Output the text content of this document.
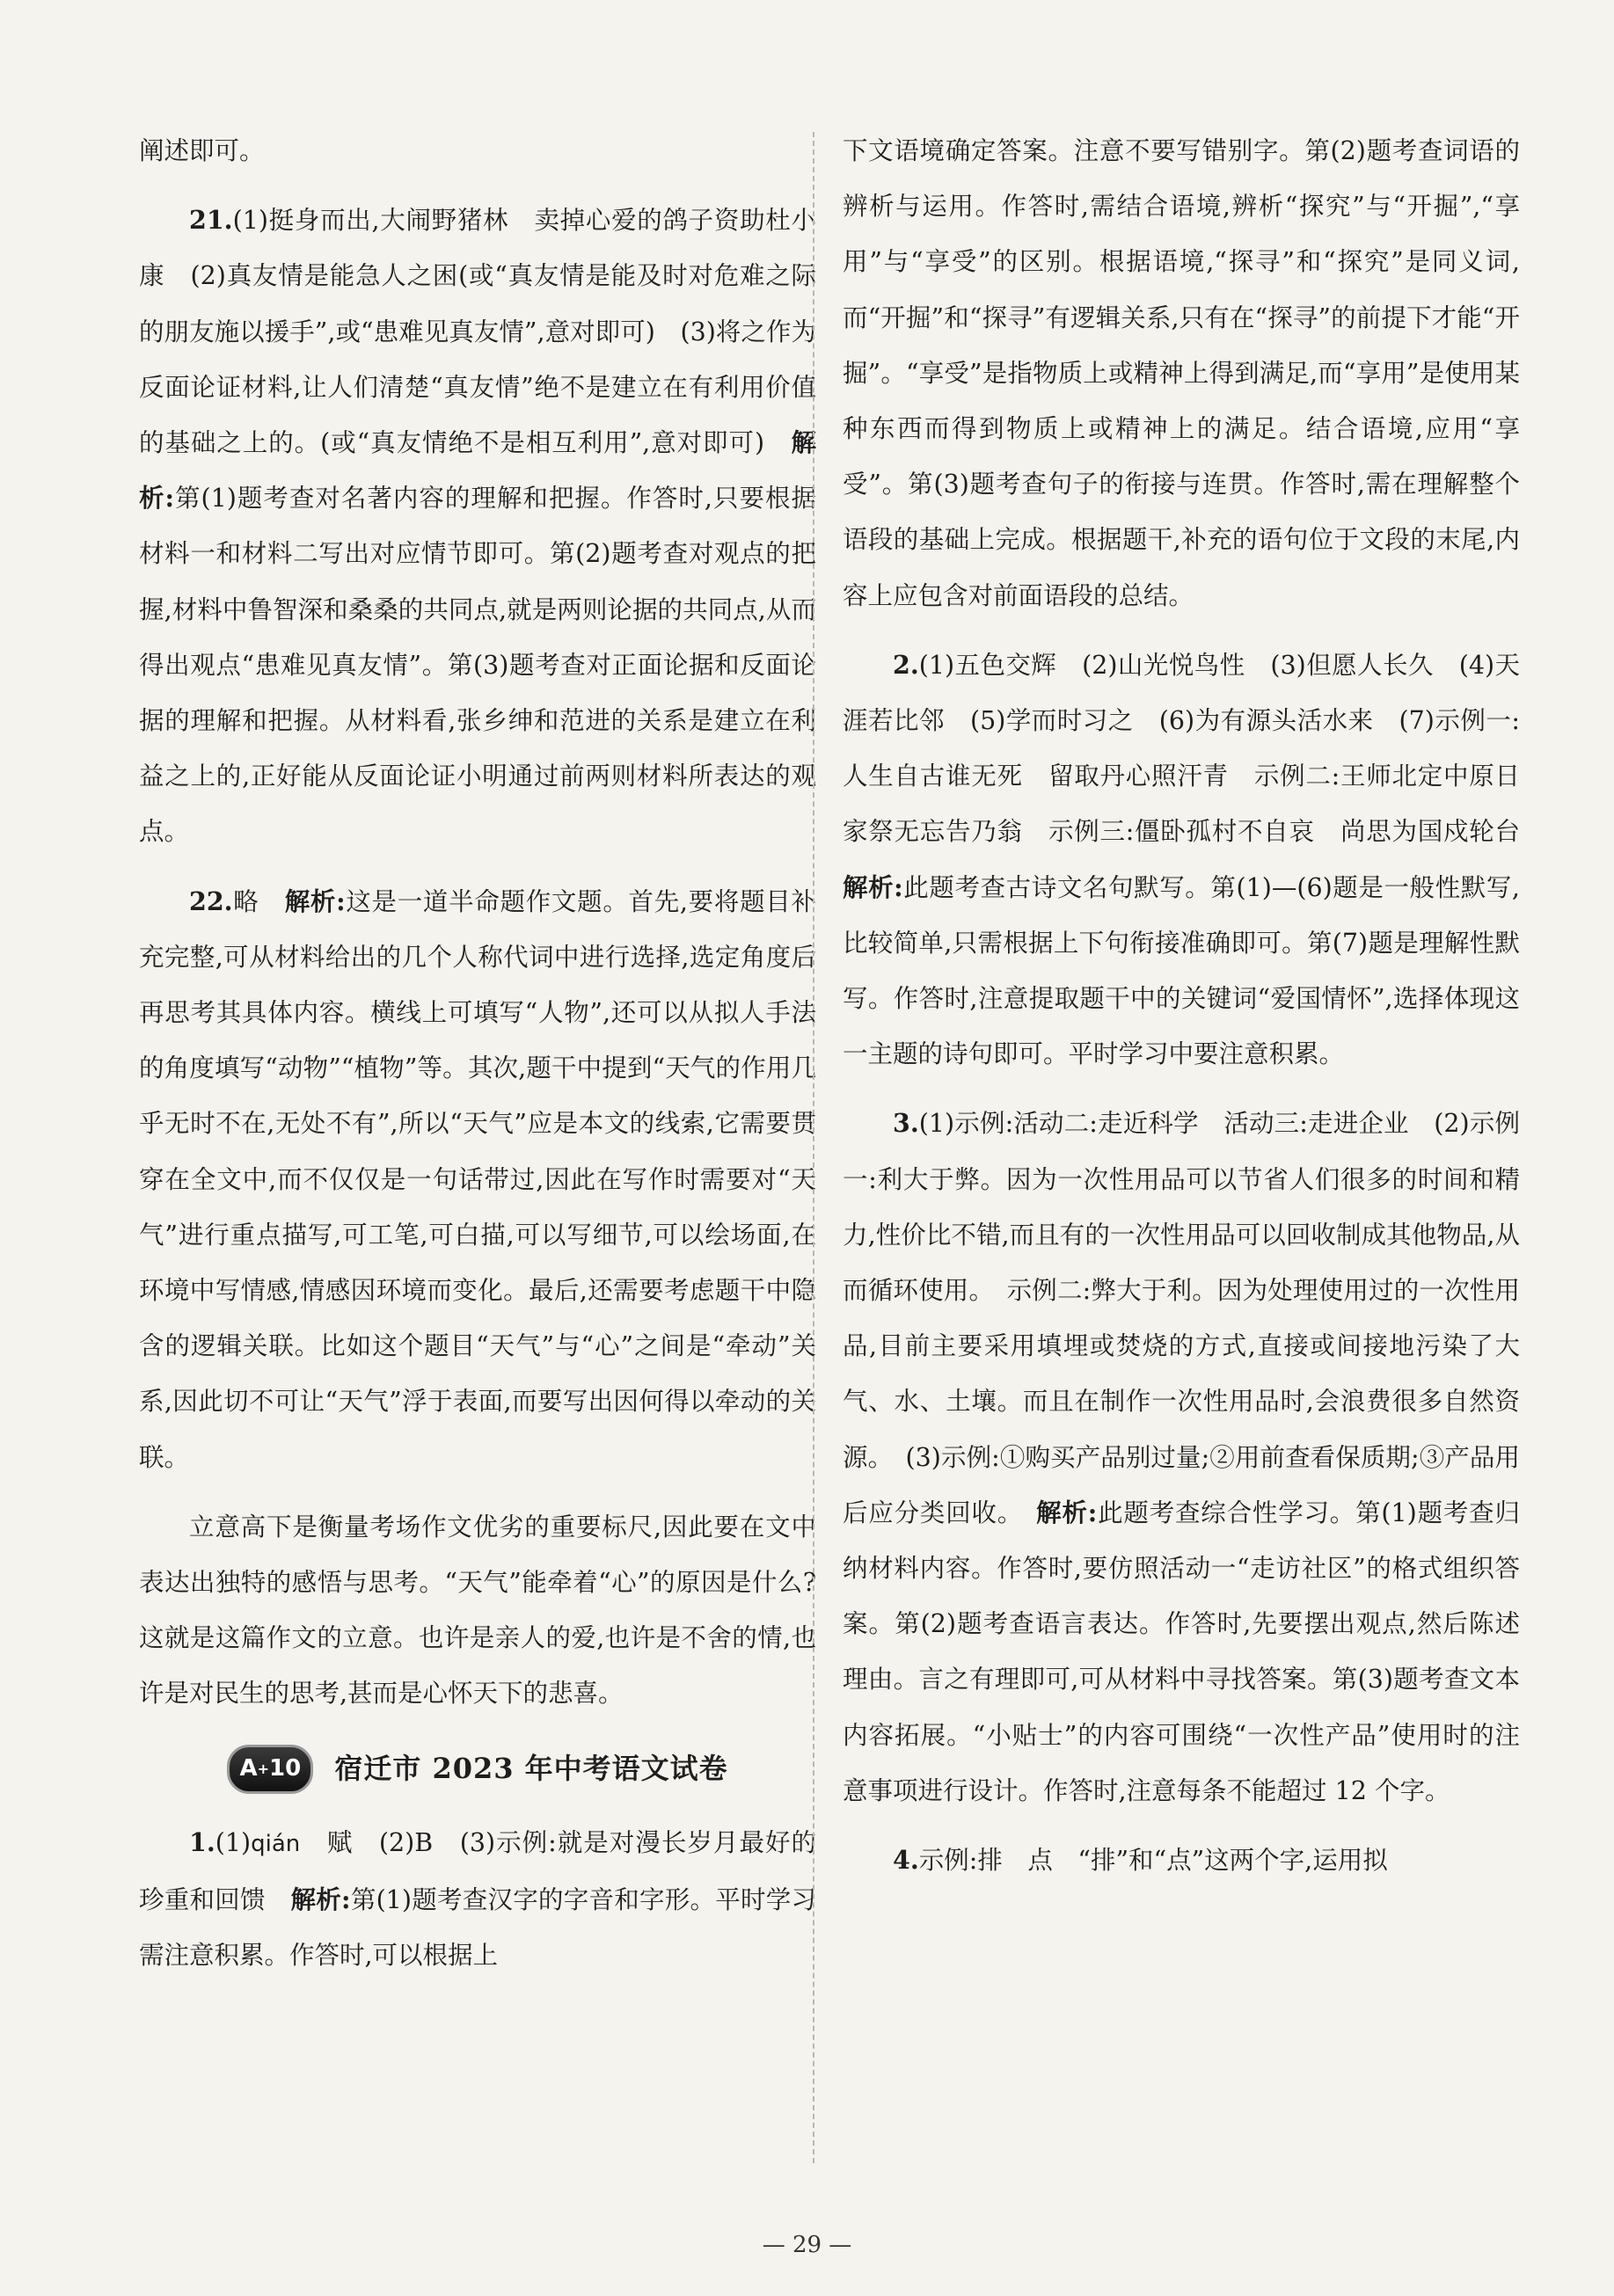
阐述即可。

21.(1)挺身而出,大闹野猪林　卖掉心爱的鸽子资助杜小康　(2)真友情是能急人之困(或“真友情是能及时对危难之际的朋友施以援手”,或“患难见真友情”,意对即可)　(3)将之作为反面论证材料,让人们清楚“真友情”绝不是建立在有利用价值的基础之上的。(或“真友情绝不是相互利用”,意对即可)　 解析:第(1)题考查对名著内容的理解和把握。作答时,只要根据材料一和材料二写出对应情节即可。第(2)题考查对观点的把握,材料中鲁智深和桑桑的共同点,就是两则论据的共同点,从而得出观点“患难见真友情”。第(3)题考查对正面论据和反面论据的理解和把握。从材料看,张乡绅和范进的关系是建立在利益之上的,正好能从反面论证小明通过前两则材料所表达的观点。

22.略　解析:这是一道半命题作文题。首先,要将题目补充完整,可从材料给出的几个人称代词中进行选择,选定角度后再思考其具体内容。横线上可填写“人物”,还可以从拟人手法的角度填写“动物”“植物”等。其次,题干中提到“天气的作用几乎无时不在,无处不有”,所以“天气”应是本文的线索,它需要贯穿在全文中,而不仅仅是一句话带过,因此在写作时需要对“天气”进行重点描写,可工笔,可白描,可以写细节,可以绘场面,在环境中写情感,情感因环境而变化。最后,还需要考虑题干中隐含的逻辑关联。比如这个题目“天气”与“心”之间是“牵动”关系,因此切不可让“天气”浮于表面,而要写出因何得以牵动的关联。

立意高下是衡量考场作文优劣的重要标尺,因此要在文中表达出独特的感悟与思考。“天气”能牵着“心”的原因是什么?这就是这篇作文的立意。也许是亲人的爱,也许是不舍的情,也许是对民生的思考,甚而是心怀天下的悲喜。

A + 10 宿迁市 2023 年中考语文试卷

1.(1)qián　赋　(2)B　(3)示例:就是对漫长岁月最好的珍重和回馈　解析:第(1)题考查汉字的字音和字形。平时学习需注意积累。作答时,可以根据上

下文语境确定答案。注意不要写错别字。第(2)题考查词语的辨析与运用。作答时,需结合语境,辨析“探究”与“开掘”,“享用”与“享受”的区别。根据语境,“探寻”和“探究”是同义词,而“开掘”和“探寻”有逻辑关系,只有在“探寻”的前提下才能“开掘”。“享受”是指物质上或精神上得到满足,而“享用”是使用某种东西而得到物质上或精神上的满足。结合语境,应用“享受”。第(3)题考查句子的衔接与连贯。作答时,需在理解整个语段的基础上完成。根据题干,补充的语句位于文段的末尾,内容上应包含对前面语段的总结。

2.(1)五色交辉　(2)山光悦鸟性　(3)但愿人长久　(4)天涯若比邻　(5)学而时习之　(6)为有源头活水来　(7)示例一:人生自古谁无死　留取丹心照汗青　示例二:王师北定中原日　家祭无忘告乃翁　示例三:僵卧孤村不自哀　尚思为国戍轮台　解析:此题考查古诗文名句默写。第(1)—(6)题是一般性默写,比较简单,只需根据上下句衔接准确即可。第(7)题是理解性默写。作答时,注意提取题干中的关键词“爱国情怀”,选择体现这一主题的诗句即可。平时学习中要注意积累。

3.(1)示例:活动二:走近科学　活动三:走进企业　(2)示例一:利大于弊。因为一次性用品可以节省人们很多的时间和精力,性价比不错,而且有的一次性用品可以回收制成其他物品,从而循环使用。　示例二:弊大于利。因为处理使用过的一次性用品,目前主要采用填埋或焚烧的方式,直接或间接地污染了大气、水、土壤。而且在制作一次性用品时,会浪费很多自然资源。　(3)示例:①购买产品别过量;②用前查看保质期;③产品用后应分类回收。　解析:此题考查综合性学习。第(1)题考查归纳材料内容。作答时,要仿照活动一“走访社区”的格式组织答案。第(2)题考查语言表达。作答时,先要摆出观点,然后陈述理由。言之有理即可,可从材料中寻找答案。第(3)题考查文本内容拓展。“小贴士”的内容可围绕“一次性产品”使用时的注意事项进行设计。作答时,注意每条不能超过 12 个字。

4.示例:排　点　“排”和“点”这两个字,运用拟

— 29 —
